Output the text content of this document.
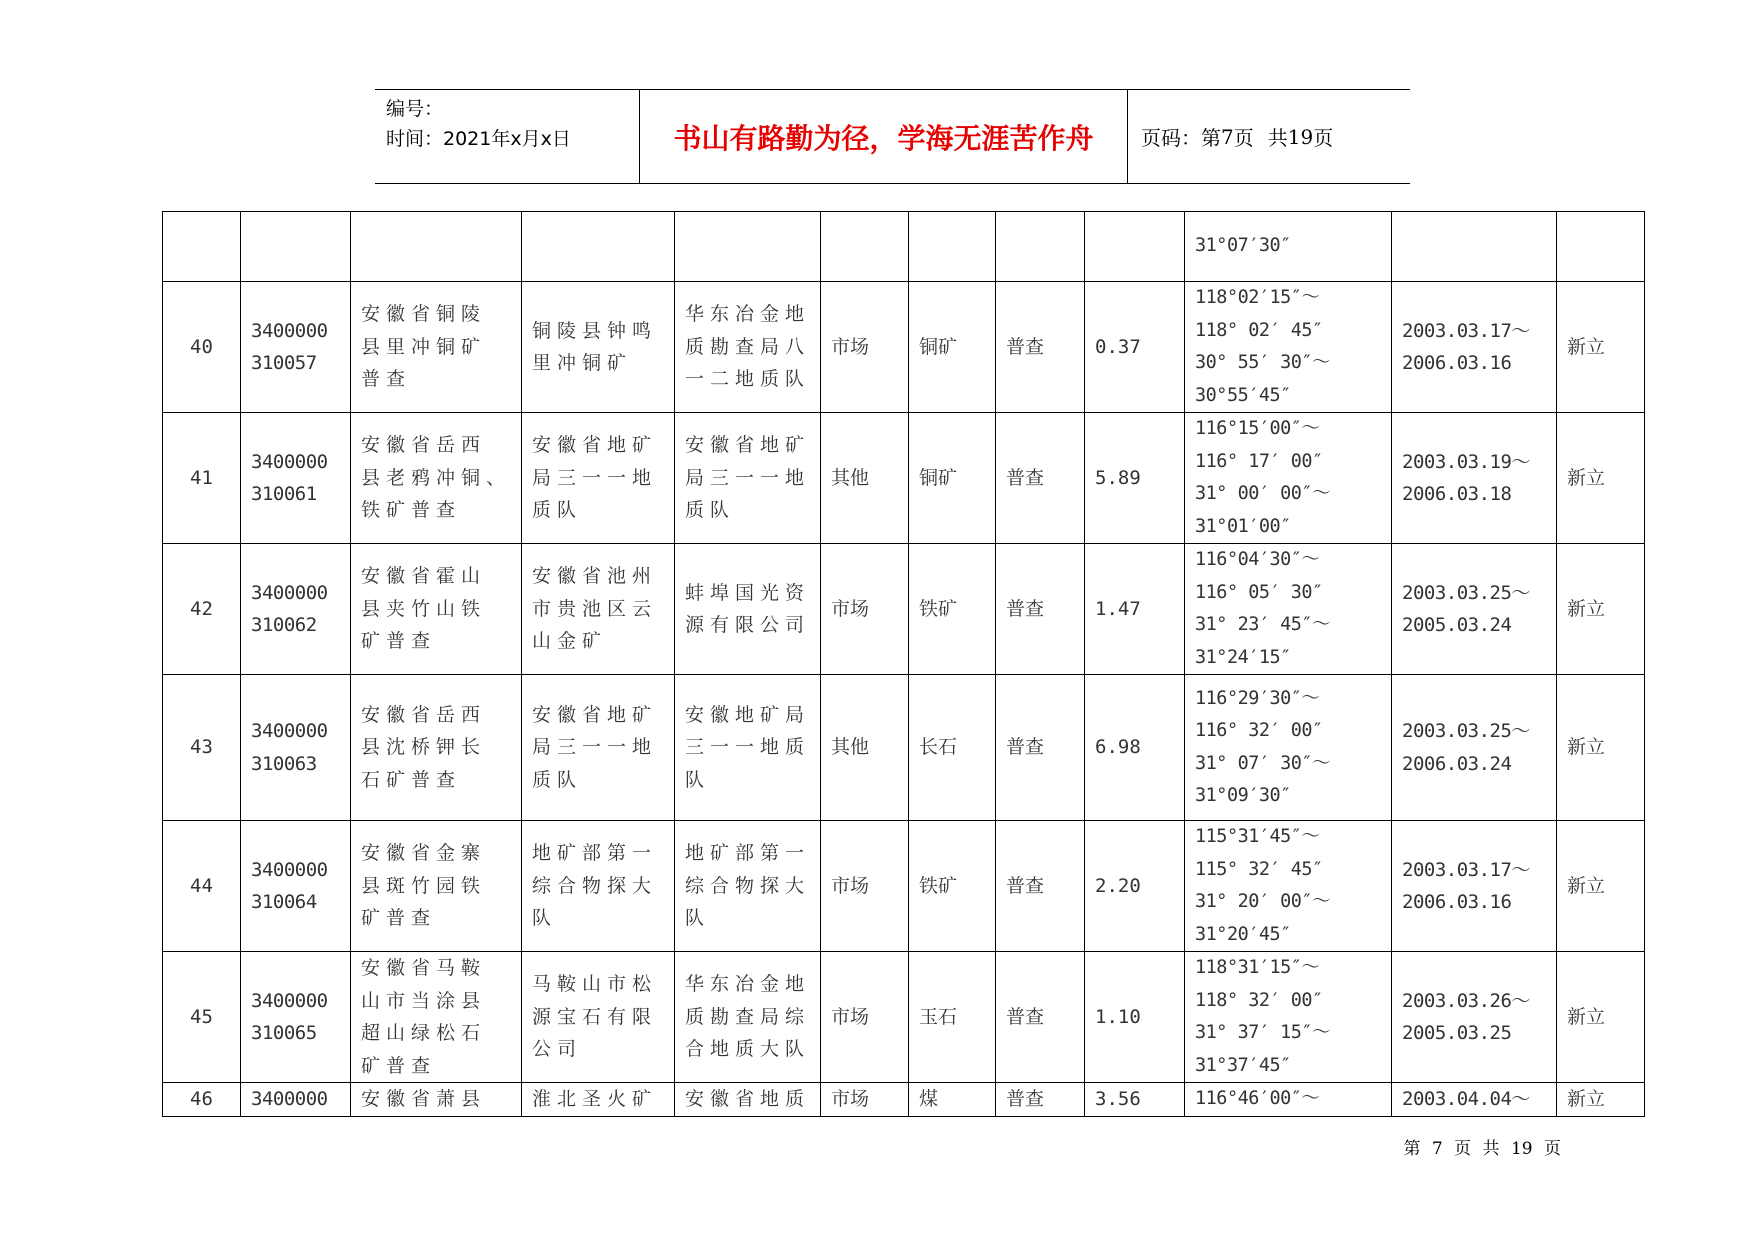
编号：
时间：2021年x月x日	书山有路勤为径，学海无涯苦作舟	页码：第 7 页 共 19 页

									31°07′30″		

40	3400000
310057	安徽省铜陵
县里冲铜矿
普查	铜陵县钟鸣
里冲铜矿	华东冶金地
质勘查局八
一二地质队	市场	铜矿	普查	0.37	118°02′15″～
118° 02′ 45″
30° 55′ 30″～
30°55′45″	2003.03.17～
2006.03.16	新立
41	3400000
310061	安徽省岳西
县老鸦冲铜、
铁矿普查	安徽省地矿
局三一一地
质队	安徽省地矿
局三一一地
质队	其他	铜矿	普查	5.89	116°15′00″～
116° 17′ 00″
31° 00′ 00″～
31°01′00″	2003.03.19～
2006.03.18	新立
42	3400000
310062	安徽省霍山
县夹竹山铁
矿普查	安徽省池州
市贵池区云
山金矿	蚌埠国光资
源有限公司	市场	铁矿	普查	1.47	116°04′30″～
116° 05′ 30″
31° 23′ 45″～
31°24′15″	2003.03.25～
2005.03.24	新立
43	3400000
310063	安徽省岳西
县沈桥钾长
石矿普查	安徽省地矿
局三一一地
质队	安徽地矿局
三一一地质
队	其他	长石	普查	6.98	116°29′30″～
116° 32′ 00″
31° 07′ 30″～
31°09′30″	2003.03.25～
2006.03.24	新立
44	3400000
310064	安徽省金寨
县斑竹园铁
矿普查	地矿部第一
综合物探大
队	地矿部第一
综合物探大
队	市场	铁矿	普查	2.20	115°31′45″～
115° 32′ 45″
31° 20′ 00″～
31°20′45″	2003.03.17～
2006.03.16	新立
45	3400000
310065	安徽省马鞍
山市当涂县
超山绿松石
矿普查	马鞍山市松
源宝石有限
公司	华东冶金地
质勘查局综
合地质大队	市场	玉石	普查	1.10	118°31′15″～
118° 32′ 00″
31° 37′ 15″～
31°37′45″	2003.03.26～
2005.03.25	新立
46	3400000	安徽省萧县	淮北圣火矿	安徽省地质	市场	煤	普查	3.56	116°46′00″～	2003.04.04～	新立
第 7 页 共 19 页
